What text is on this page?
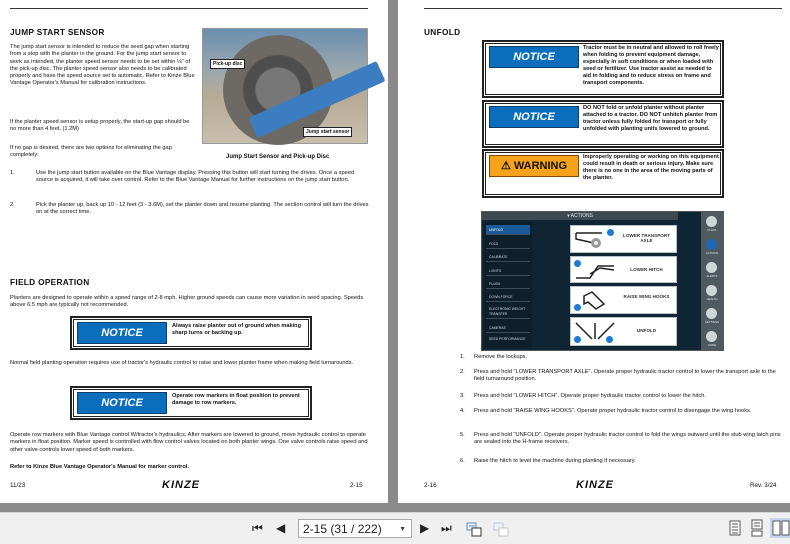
JUMP START SENSOR
The jump start sensor is intended to reduce the seed gap when starting from a stop with the planter in the ground. For the jump start sensor to work as intended, the planter speed sensor needs to be set within ⅛" of the pick-up disc. The planter speed sensor also needs to be calibrated properly and have the speed source set to automatic. Refer to Kinze Blue Vantage Operator's Manual for calibration instructions.
If the planter speed sensor is setup properly, the start-up gap should be no more than 4 feet. (1.2M)
If no gap is desired, there are two options for eliminating the gap completely:
Pick-up disc
Jump start sensor
Jump Start Sensor and Pick-up Disc
1.	Use the jump start button available on the Blue Vantage display. Pressing this button will start turning the drives. Once a speed source is acquired, it will take over control. Refer to the Blue Vantage Manual for further instructions on the jump start button.
2.	Pick the planter up, back up 10 - 12 feet (3 - 3.6M), set the planter down and resume planting. The section control will turn the drives on at the correct time.
FIELD OPERATION
Planters are designed to operate within a speed range of 2-8 mph. Higher ground speeds can cause more variation in seed spacing. Speeds above 6.5 mph are typically not recommended.
NOTICE
Always raise planter out of ground when making sharp turns or backing up.
Normal field planting operation requires use of tractor's hydraulic control to raise and lower planter frame when making field turnarounds.
NOTICE
Operate row markers in float position to prevent damage to row markers.
Operate row markers with Blue Vantage control W/tractor's hydraulics. After markers are lowered to ground, move hydraulic control to operate markers in float position. Marker speed is controlled with flow control valves located on both planter wings. One valve controls raise speed and other valve controls lower speed of both markers.
Refer to Kinze Blue Vantage Operator's Manual for marker control.
11/23	KINZE	2-15
UNFOLD
NOTICE
Tractor must be in neutral and allowed to roll freely when folding to prevent equipment damage, especially in soft conditions or when loaded with seed or fertilizer. Use tractor assist as needed to aid in folding and to reduce stress on frame and transport components.
NOTICE
DO NOT fold or unfold planter without planter attached to a tractor. DO NOT unhitch planter from tractor unless fully folded for transport or fully unfolded with planting units lowered to ground.
⚠ WARNING
Improperly operating or working on this equipment could result in death or serious injury. Make sure there is no one in the area of the moving parts of the planter.
1. Remove the lockups.
2. Press and hold "LOWER TRANSPORT AXLE". Operate proper hydraulic tractor control to lower the transport axle to the field turnaround position.
3. Press and hold "LOWER HITCH". Operate proper hydraulic tractor control to lower the hitch.
4. Press and hold "RAISE WING HOOKS". Operate proper hydraulic tractor control to disengage the wing hooks.
5. Press and hold "UNFOLD". Operate proper hydraulic tractor control to fold the wings outward until the stub wing latch pins are sealed into the H-frame receivers.
6. Raise the hitch to level the machine during planting if necessary.
2-16	KINZE	Rev. 3/24
▾ ACTIONS
UNFOLD
FOLD
CALIBRATE
LIGHTS
FLUSH
DOWN FORCE
ELECTRONIC WEIGHT TRANSFER
CAMERAS
SEED PERFORMANCE
LOWER TRANSPORT AXLE
LOWER HITCH
RAISE WING HOOKS
UNFOLD
PLANT
ACTIONS
ALERTS
HEALTH
SETTINGS
HOME
⏮ ◀	2-15 (31 / 222) ▼ ▶ ⏭
